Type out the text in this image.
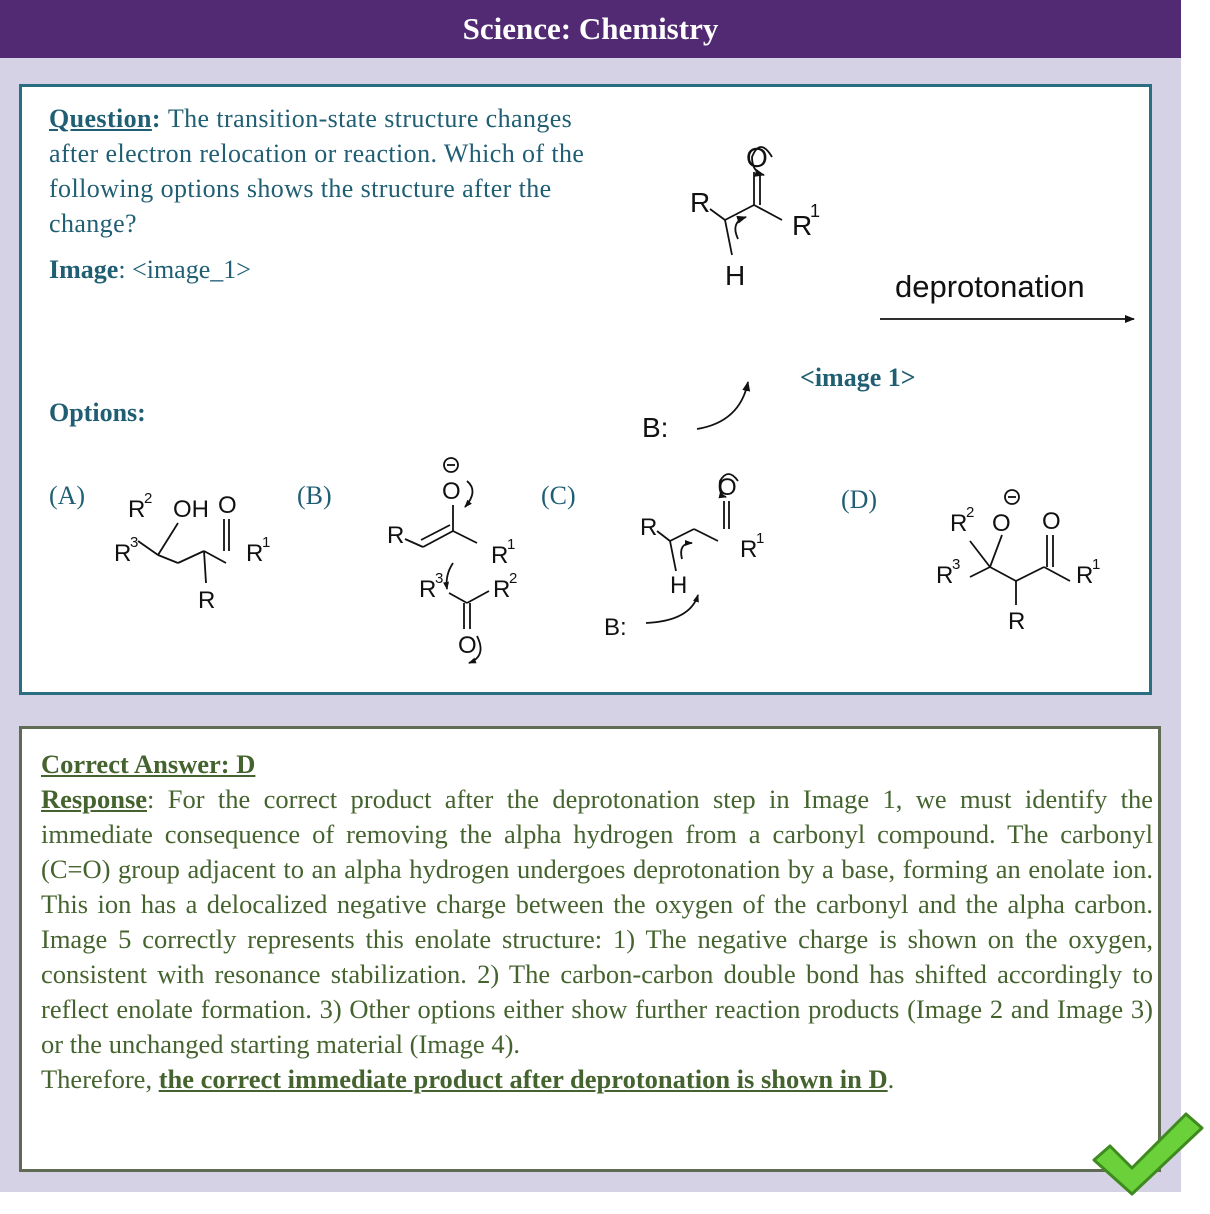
Science: Chemistry
Question: The transition-state structure changes after electron relocation or reaction. Which of the following options shows the structure after the change?
Image: <image_1>
R
O
R
1
H
B:
deprotonation
<image 1>
Options:
(A)	(B)	(C)	(D)
R
2 OH O
R
3	R
1
R
O
R
R
1
R
3 R
2
O
R
O
R
1
H
B:
R
2 O O
R
3	R
1
R
Correct Answer: D
Response: For the correct product after the deprotonation step in Image 1, we must identify the immediate consequence of removing the alpha hydrogen from a carbonyl compound. The carbonyl (C=O) group adjacent to an alpha hydrogen undergoes deprotonation by a base, forming an enolate ion. This ion has a delocalized negative charge between the oxygen of the carbonyl and the alpha carbon. Image 5 correctly represents this enolate structure: 1) The negative charge is shown on the oxygen, consistent with resonance stabilization. 2) The carbon-carbon double bond has shifted accordingly to reflect enolate formation. 3) Other options either show further reaction products (Image 2 and Image 3) or the unchanged starting material (Image 4).
Therefore, the correct immediate product after deprotonation is shown in D.
